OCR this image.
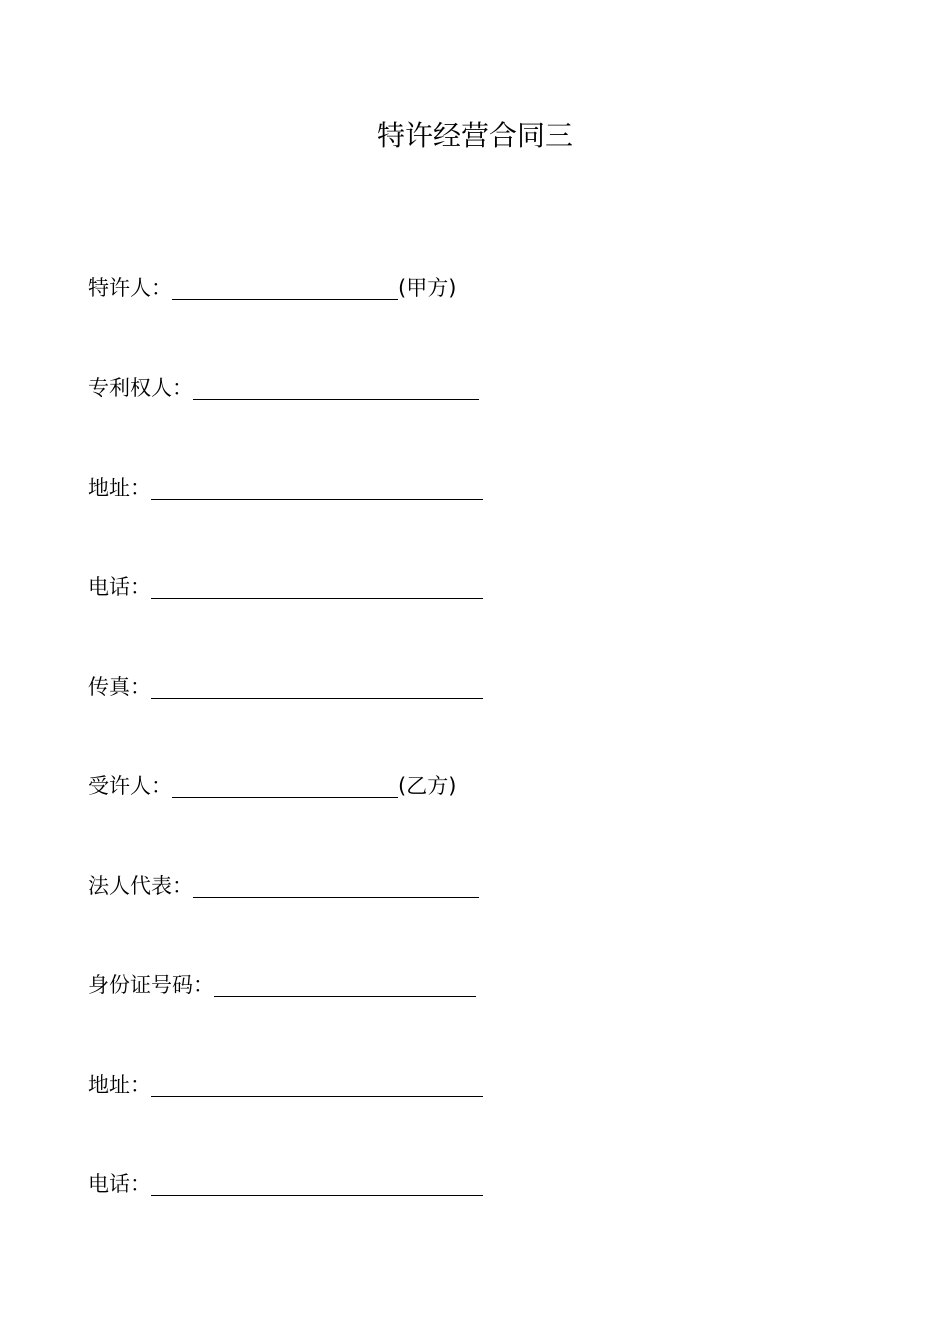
特许经营合同三
特许人：	(甲方)
专利权人：
地址：
电话：
传真：
受许人：	(乙方)
法人代表：
身份证号码：
地址：
电话：
